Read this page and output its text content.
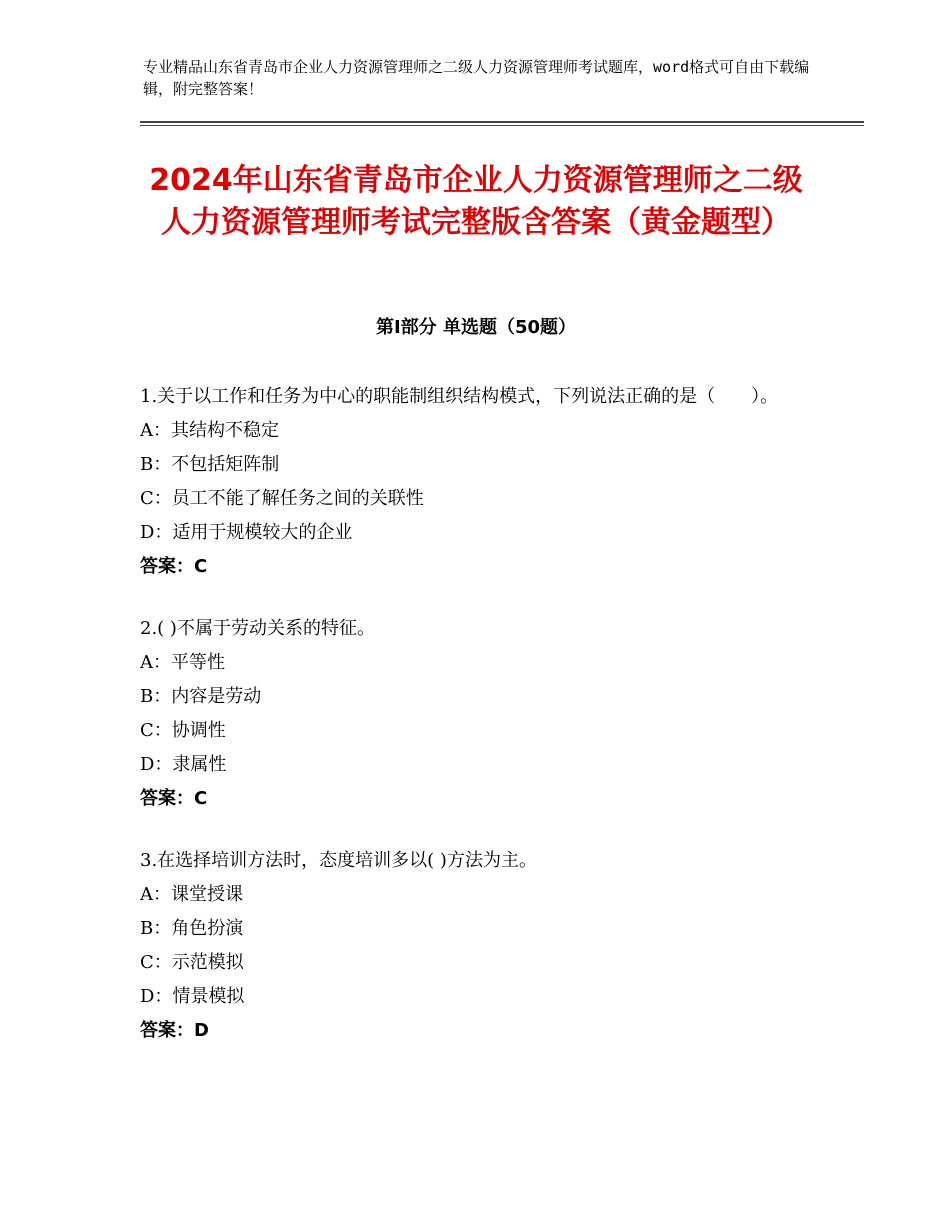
专业精品山东省青岛市企业人力资源管理师之二级人力资源管理师考试题库，word格式可自由下载编辑，附完整答案！
2024年山东省青岛市企业人力资源管理师之二级人力资源管理师考试完整版含答案（黄金题型）
第Ⅰ部分 单选题（50题）

1.关于以工作和任务为中心的职能制组织结构模式，下列说法正确的是（　　）。

A：其结构不稳定

B：不包括矩阵制

C：员工不能了解任务之间的关联性

D：适用于规模较大的企业

答案：C

2.( )不属于劳动关系的特征。

A：平等性

B：内容是劳动

C：协调性

D：隶属性

答案：C

3.在选择培训方法时，态度培训多以( )方法为主。

A：课堂授课

B：角色扮演

C：示范模拟

D：情景模拟

答案：D
